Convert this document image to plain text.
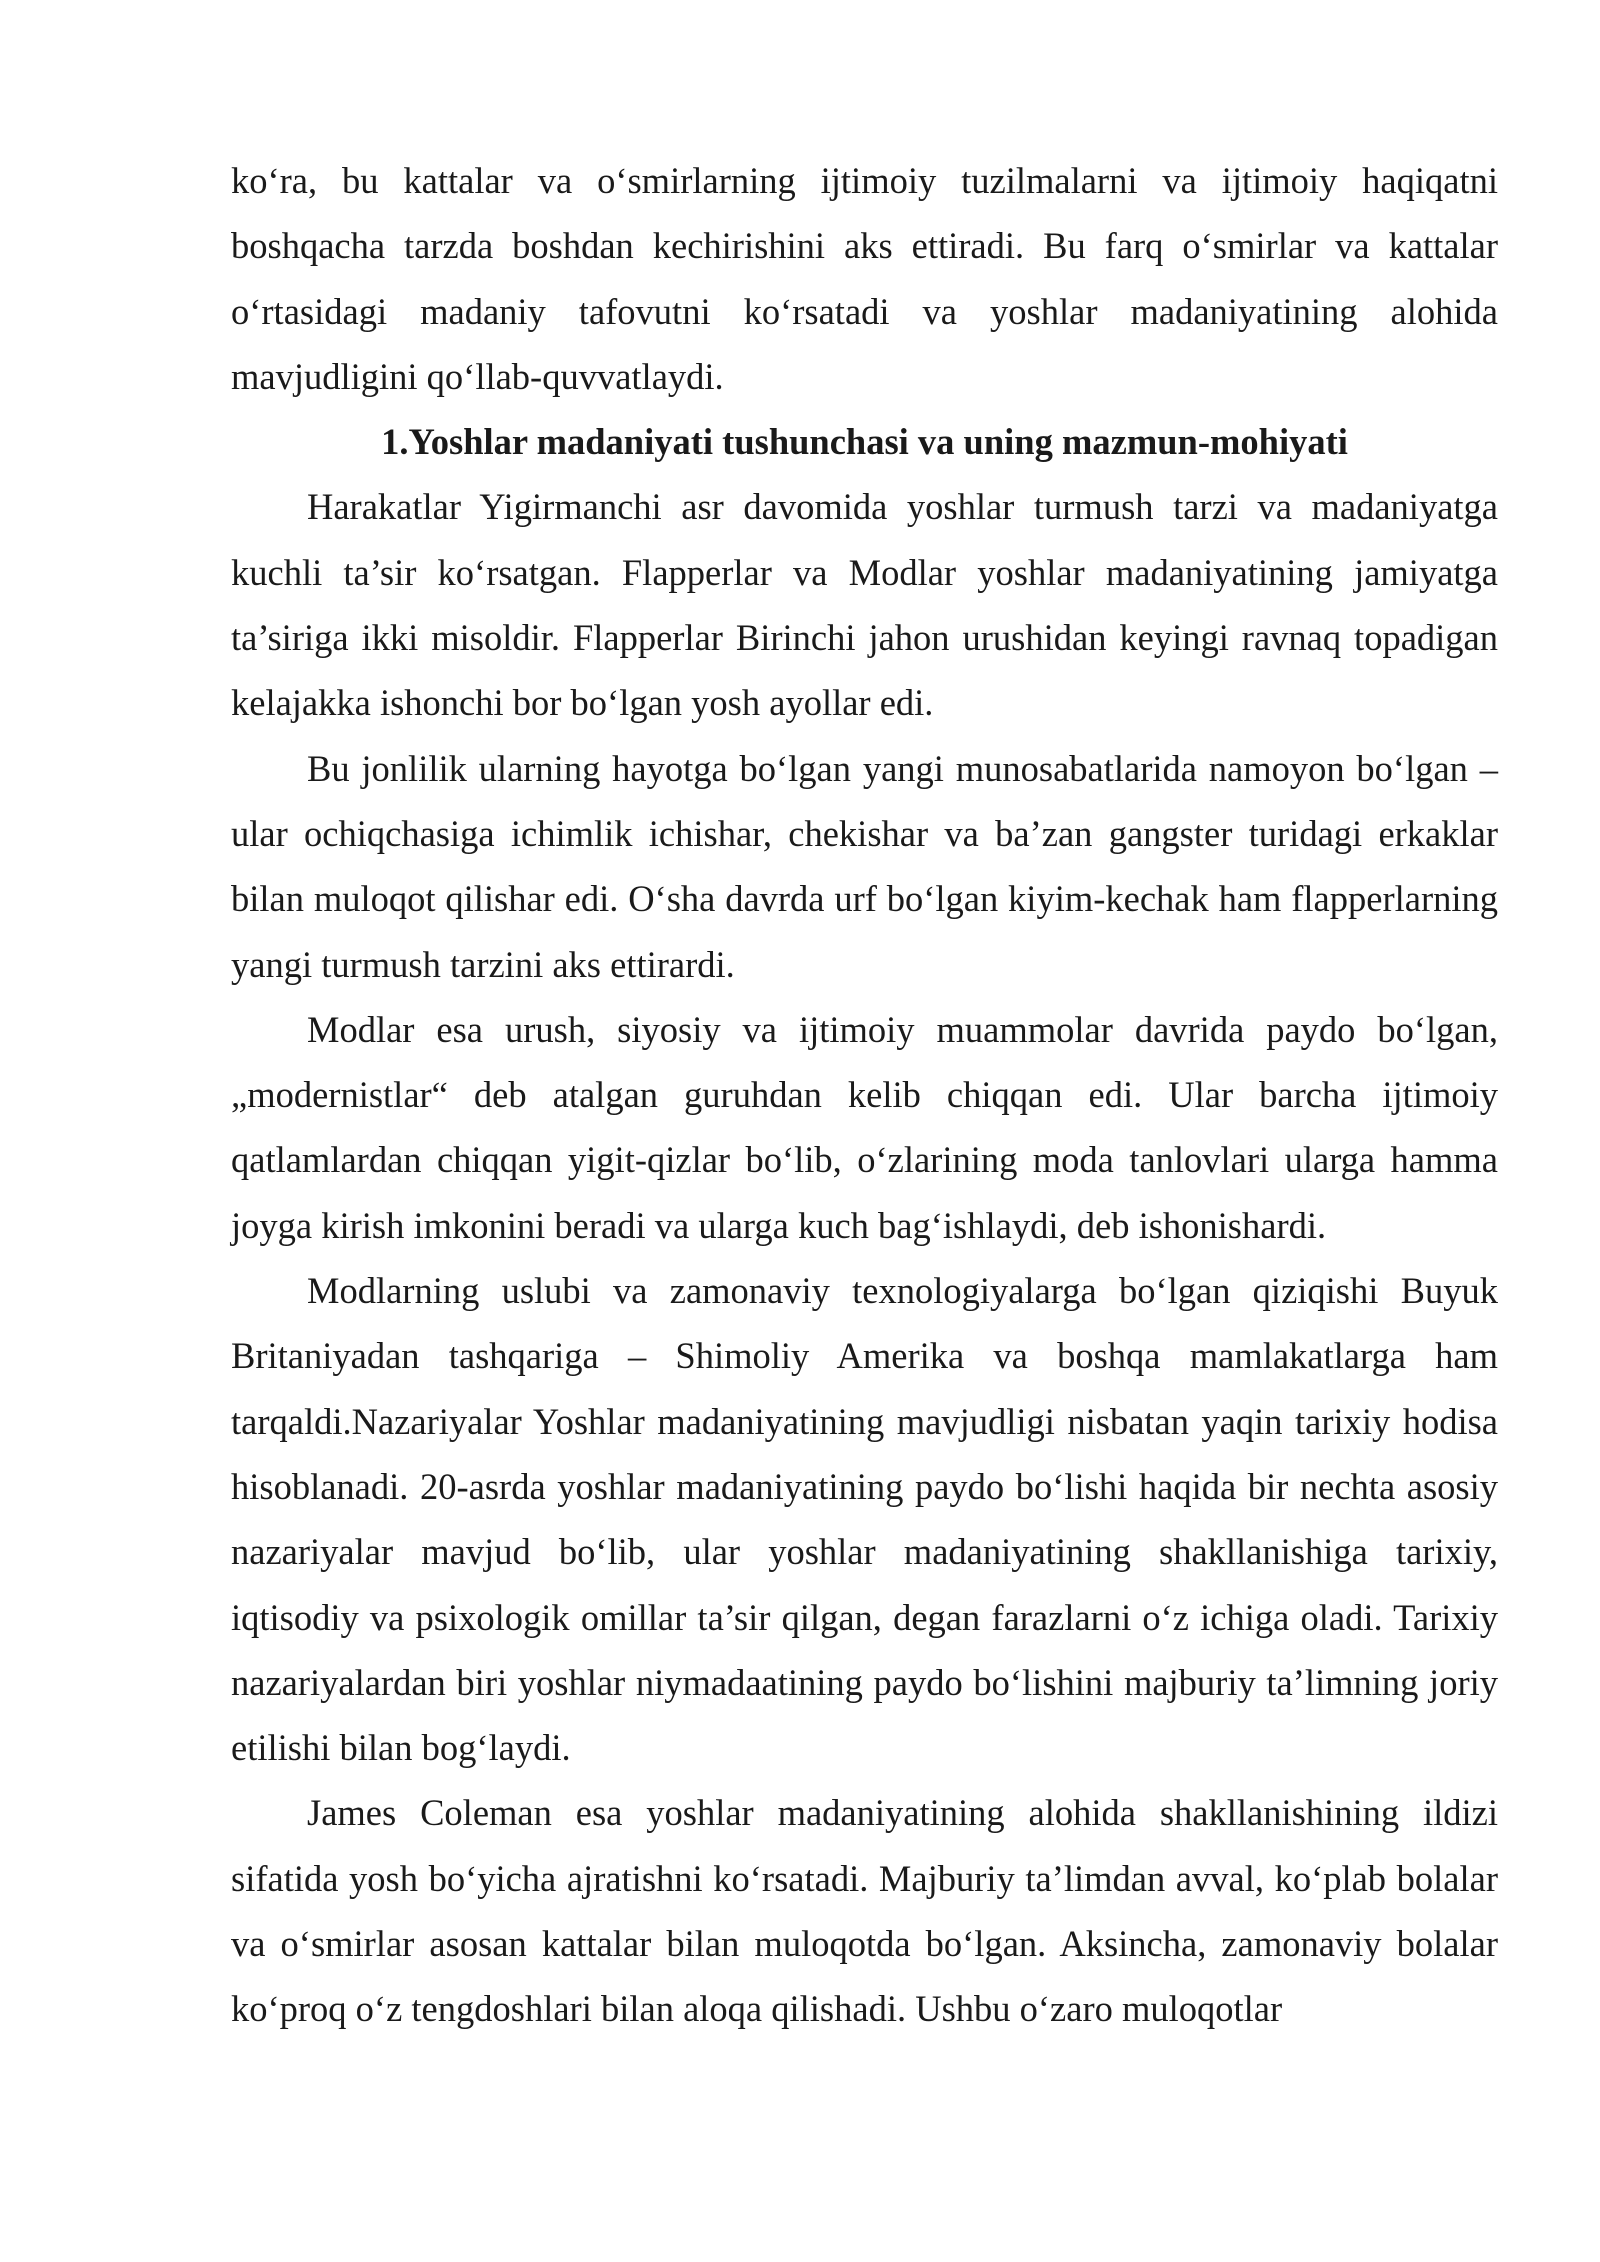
ko‘ra, bu kattalar va o‘smirlarning ijtimoiy tuzilmalarni va ijtimoiy haqiqatni boshqacha tarzda boshdan kechirishini aks ettiradi. Bu farq o‘smirlar va kattalar o‘rtasidagi madaniy tafovutni ko‘rsatadi va yoshlar madaniyatining alohida mavjudligini qo‘llab-quvvatlaydi.

1.Yoshlar madaniyati tushunchasi va uning mazmun-mohiyati

Harakatlar Yigirmanchi asr davomida yoshlar turmush tarzi va madaniyatga kuchli ta’sir ko‘rsatgan. Flapperlar va Modlar yoshlar madaniyatining jamiyatga ta’siriga ikki misoldir. Flapperlar Birinchi jahon urushidan keyingi ravnaq topadigan kelajakka ishonchi bor bo‘lgan yosh ayollar edi.

Bu jonlilik ularning hayotga bo‘lgan yangi munosabatlarida namoyon bo‘lgan – ular ochiqchasiga ichimlik ichishar, chekishar va ba’zan gangster turidagi erkaklar bilan muloqot qilishar edi. O‘sha davrda urf bo‘lgan kiyim-kechak ham flapperlarning yangi turmush tarzini aks ettirardi.

Modlar esa urush, siyosiy va ijtimoiy muammolar davrida paydo bo‘lgan, „modernistlar“ deb atalgan guruhdan kelib chiqqan edi. Ular barcha ijtimoiy qatlamlardan chiqqan yigit-qizlar bo‘lib, o‘zlarining moda tanlovlari ularga hamma joyga kirish imkonini beradi va ularga kuch bag‘ishlaydi, deb ishonishardi.

Modlarning uslubi va zamonaviy texnologiyalarga bo‘lgan qiziqishi Buyuk Britaniyadan tashqariga – Shimoliy Amerika va boshqa mamlakatlarga ham tarqaldi.Nazariyalar Yoshlar madaniyatining mavjudligi nisbatan yaqin tarixiy hodisa hisoblanadi. 20-asrda yoshlar madaniyatining paydo bo‘lishi haqida bir nechta asosiy nazariyalar mavjud bo‘lib, ular yoshlar madaniyatining shakllanishiga tarixiy, iqtisodiy va psixologik omillar ta’sir qilgan, degan farazlarni o‘z ichiga oladi. Tarixiy nazariyalardan biri yoshlar niymadaatining paydo bo‘lishini majburiy ta’limning joriy etilishi bilan bog‘laydi.

James Coleman esa yoshlar madaniyatining alohida shakllanishining ildizi sifatida yosh bo‘yicha ajratishni ko‘rsatadi. Majburiy ta’limdan avval, ko‘plab bolalar va o‘smirlar asosan kattalar bilan muloqotda bo‘lgan. Aksincha, zamonaviy bolalar ko‘proq o‘z tengdoshlari bilan aloqa qilishadi. Ushbu o‘zaro muloqotlar
